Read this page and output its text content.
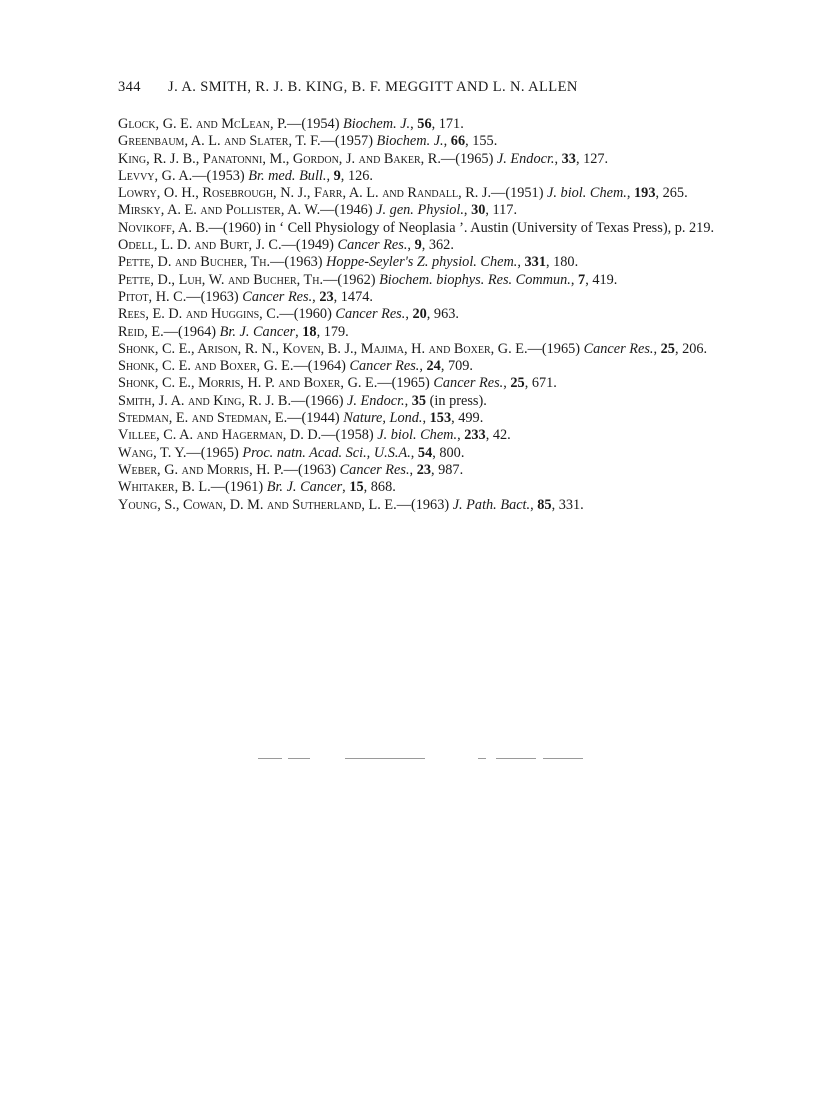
344 J. A. SMITH, R. J. B. KING, B. F. MEGGITT AND L. N. ALLEN

Glock, G. E. and McLean, P.—(1954) Biochem. J., 56, 171.

Greenbaum, A. L. and Slater, T. F.—(1957) Biochem. J., 66, 155.

King, R. J. B., Panatonni, M., Gordon, J. and Baker, R.—(1965) J. Endocr., 33, 127.

Levvy, G. A.—(1953) Br. med. Bull., 9, 126.

Lowry, O. H., Rosebrough, N. J., Farr, A. L. and Randall, R. J.—(1951) J. biol. Chem., 193, 265.

Mirsky, A. E. and Pollister, A. W.—(1946) J. gen. Physiol., 30, 117.

Novikoff, A. B.—(1960) in ‘ Cell Physiology of Neoplasia ’. Austin (University of Texas Press), p. 219.

Odell, L. D. and Burt, J. C.—(1949) Cancer Res., 9, 362.

Pette, D. and Bucher, Th.—(1963) Hoppe-Seyler's Z. physiol. Chem., 331, 180.

Pette, D., Luh, W. and Bucher, Th.—(1962) Biochem. biophys. Res. Commun., 7, 419.

Pitot, H. C.—(1963) Cancer Res., 23, 1474.

Rees, E. D. and Huggins, C.—(1960) Cancer Res., 20, 963.

Reid, E.—(1964) Br. J. Cancer, 18, 179.

Shonk, C. E., Arison, R. N., Koven, B. J., Majima, H. and Boxer, G. E.—(1965) Cancer Res., 25, 206.

Shonk, C. E. and Boxer, G. E.—(1964) Cancer Res., 24, 709.

Shonk, C. E., Morris, H. P. and Boxer, G. E.—(1965) Cancer Res., 25, 671.

Smith, J. A. and King, R. J. B.—(1966) J. Endocr., 35 (in press).

Stedman, E. and Stedman, E.—(1944) Nature, Lond., 153, 499.

Villee, C. A. and Hagerman, D. D.—(1958) J. biol. Chem., 233, 42.

Wang, T. Y.—(1965) Proc. natn. Acad. Sci., U.S.A., 54, 800.

Weber, G. and Morris, H. P.—(1963) Cancer Res., 23, 987.

Whitaker, B. L.—(1961) Br. J. Cancer, 15, 868.

Young, S., Cowan, D. M. and Sutherland, L. E.—(1963) J. Path. Bact., 85, 331.
